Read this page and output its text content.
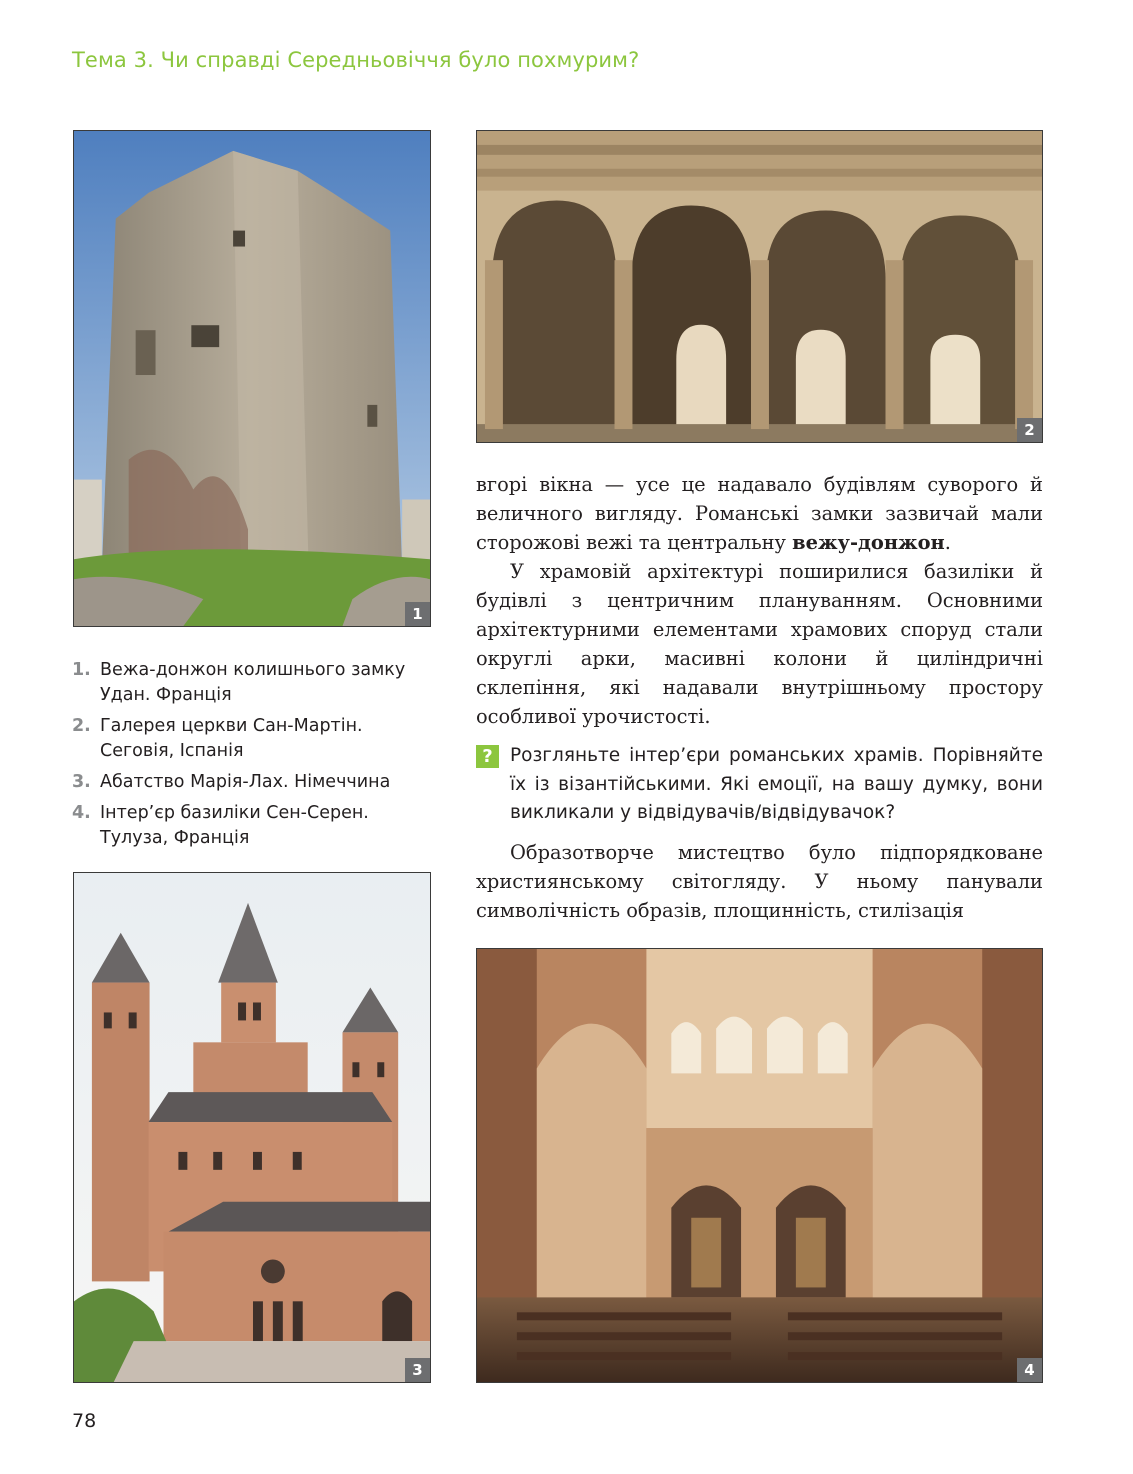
Тема 3. Чи справді Середньовіччя було похмурим?
1
2

вгорі вікна — усе це надавало будівлям суворого й величного вигляду. Романські замки зазвичай мали сторожові вежі та центральну вежу-донжон.

У храмовій архітектурі поширилися базиліки й будівлі з центричним плануванням. Основними архітектурними елементами храмових споруд стали округлі арки, масивні колони й циліндричні склепіння, які надавали внутрішньому простору особливої урочистості.

? Розгляньте інтер’єри романських храмів. Порівняйте їх із візантійськими. Які емоції, на вашу думку, вони викликали у відвідувачів/відвідувачок?

Образотворче мистецтво було підпорядковане християнському світогляду. У ньому панували символічність образів, площинність, стилізація

1. Вежа-донжон колишнього замку Удан. Франція
2. Галерея церкви Сан-Мартін. Сеговія, Іспанія
3. Абатство Марія-Лах. Німеччина
4. Інтер’єр базиліки Сен-Серен. Тулуза, Франція
3	4
78
